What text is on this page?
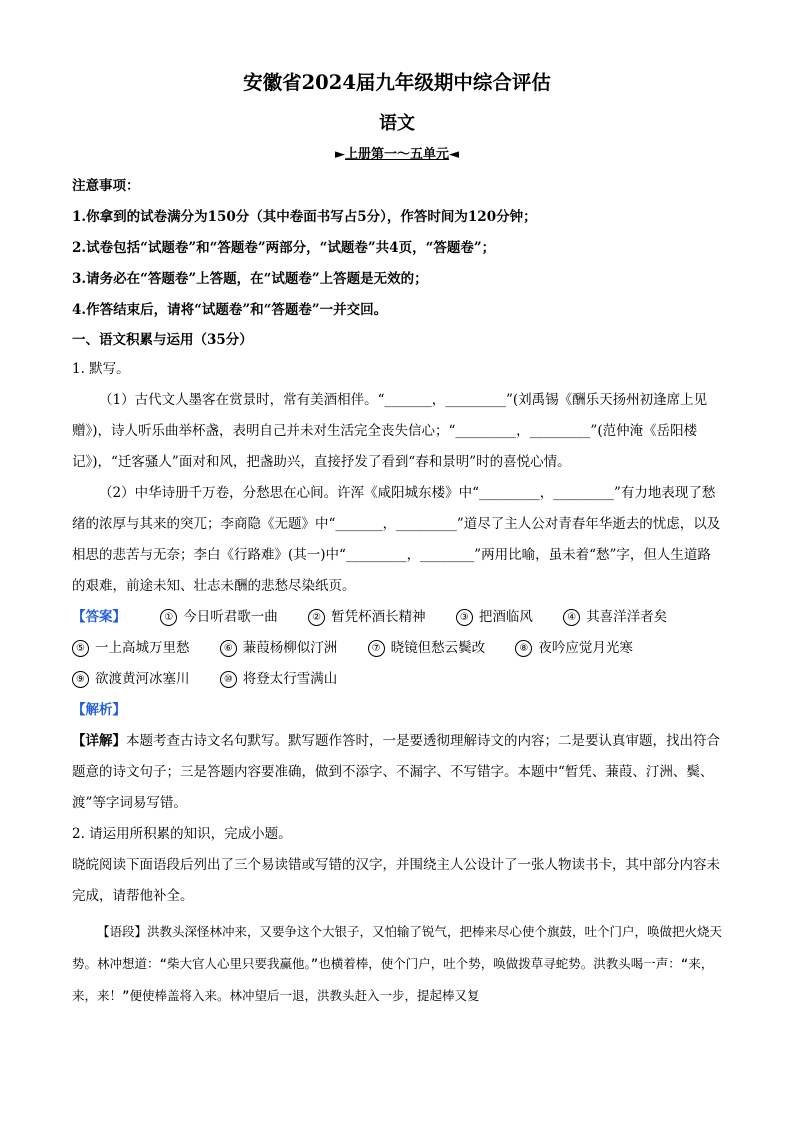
安徽省2024届九年级期中综合评估
语文
►上册第一～五单元◄
注意事项：
1.你拿到的试卷满分为150分（其中卷面书写占5分），作答时间为120分钟；
2.试卷包括“试题卷”和“答题卷”两部分，“试题卷”共4页，“答题卷”；
3.请务必在“答题卷”上答题，在“试题卷”上答题是无效的；
4.作答结束后，请将“试题卷”和“答题卷”一并交回。
一、语文积累与运用（35分）
1. 默写。
（1）古代文人墨客在赏景时，常有美酒相伴。“_______，_________”(刘禹锡《酬乐天扬州初逢席上见赠》)，诗人听乐曲举杯盏，表明自己并未对生活完全丧失信心；“_________，_________”(范仲淹《岳阳楼记》)，“迁客骚人”面对和风，把盏助兴，直接抒发了看到“春和景明”时的喜悦心情。
（2）中华诗册千万卷，分愁思在心间。许浑《咸阳城东楼》中“_________，_________”有力地表现了愁绪的浓厚与其来的突兀；李商隐《无题》中“_______，_________”道尽了主人公对青春年华逝去的忧虑，以及相思的悲苦与无奈；李白《行路难》(其一)中“_________，________”两用比喻，虽未着“愁”字，但人生道路的艰难，前途未知、壮志未酬的悲愁尽染纸页。
【答案】	① 今日听君歌一曲	② 暂凭杯酒长精神	③ 把酒临风	④ 其喜洋洋者矣
⑤ 一上高城万里愁	⑥ 蒹葭杨柳似汀洲	⑦ 晓镜但愁云鬓改	⑧ 夜吟应觉月光寒
⑨ 欲渡黄河冰塞川	⑩ 将登太行雪满山
【解析】
【详解】本题考查古诗文名句默写。默写题作答时，一是要透彻理解诗文的内容；二是要认真审题，找出符合题意的诗文句子；三是答题内容要准确，做到不添字、不漏字、不写错字。本题中“暂凭、蒹葭、汀洲、鬓、渡”等字词易写错。
2. 请运用所积累的知识，完成小题。
晓皖阅读下面语段后列出了三个易读错或写错的汉字，并围绕主人公设计了一张人物读书卡，其中部分内容未完成，请帮他补全。
【语段】洪教头深怪林冲来，又要争这个大银子，又怕输了锐气，把棒来尽心使个旗鼓，吐个门户，唤做把火烧天势。林冲想道：“柴大官人心里只要我赢他。”也横着棒，使个门户，吐个势，唤做拨草寻蛇势。洪教头喝一声：“来，来，来！”便使棒盖将入来。林冲望后一退，洪教头赶入一步，提起棒又复
